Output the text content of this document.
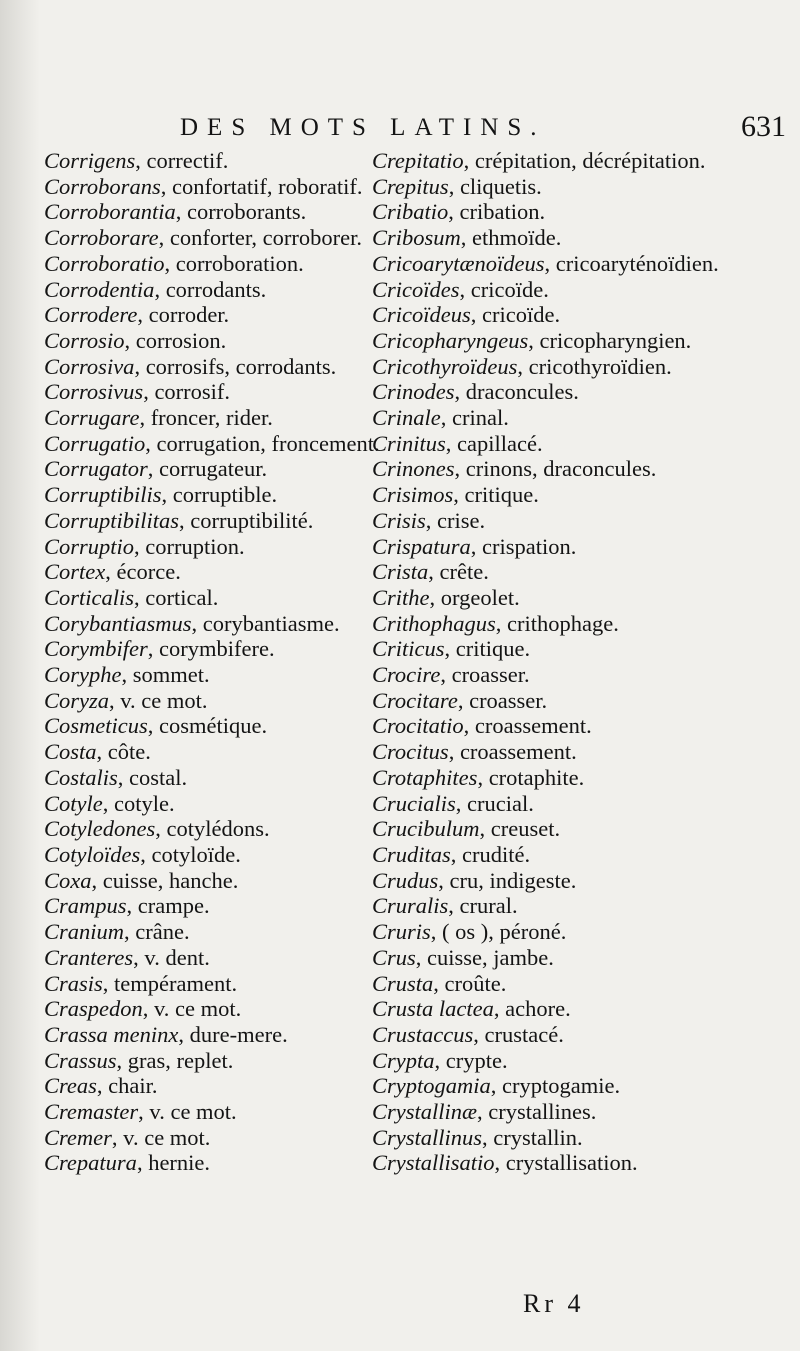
DES MOTS LATINS.	631

Corrigens, correctif.

Corroborans, confortatif, roboratif.

Corroborantia, corroborants.

Corroborare, conforter, corroborer.

Corroboratio, corroboration.

Corrodentia, corrodants.

Corrodere, corroder.

Corrosio, corrosion.

Corrosiva, corrosifs, corrodants.

Corrosivus, corrosif.

Corrugare, froncer, rider.

Corrugatio, corrugation, froncement.

Corrugator, corrugateur.

Corruptibilis, corruptible.

Corruptibilitas, corruptibilité.

Corruptio, corruption.

Cortex, écorce.

Corticalis, cortical.

Corybantiasmus, corybantiasme.

Corymbifer, corymbifere.

Coryphe, sommet.

Coryza, v. ce mot.

Cosmeticus, cosmétique.

Costa, côte.

Costalis, costal.

Cotyle, cotyle.

Cotyledones, cotylédons.

Cotyloïdes, cotyloïde.

Coxa, cuisse, hanche.

Crampus, crampe.

Cranium, crâne.

Cranteres, v. dent.

Crasis, tempérament.

Craspedon, v. ce mot.

Crassa meninx, dure-mere.

Crassus, gras, replet.

Creas, chair.

Cremaster, v. ce mot.

Cremer, v. ce mot.

Crepatura, hernie.

Crepitatio, crépitation, décrépitation.

Crepitus, cliquetis.

Cribatio, cribation.

Cribosum, ethmoïde.

Cricoarytænoïdeus, cricoaryténoïdien.

Cricoïdes, cricoïde.

Cricoïdeus, cricoïde.

Cricopharyngeus, cricopharyngien.

Cricothyroïdeus, cricothyroïdien.

Crinodes, draconcules.

Crinale, crinal.

Crinitus, capillacé.

Crinones, crinons, draconcules.

Crisimos, critique.

Crisis, crise.

Crispatura, crispation.

Crista, crête.

Crithe, orgeolet.

Crithophagus, crithophage.

Criticus, critique.

Crocire, croasser.

Crocitare, croasser.

Crocitatio, croassement.

Crocitus, croassement.

Crotaphites, crotaphite.

Crucialis, crucial.

Crucibulum, creuset.

Cruditas, crudité.

Crudus, cru, indigeste.

Cruralis, crural.

Cruris, ( os ), péroné.

Crus, cuisse, jambe.

Crusta, croûte.

Crusta lactea, achore.

Crustaccus, crustacé.

Crypta, crypte.

Cryptogamia, cryptogamie.

Crystallinæ, crystallines.

Crystallinus, crystallin.

Crystallisatio, crystallisation.

Rr 4
